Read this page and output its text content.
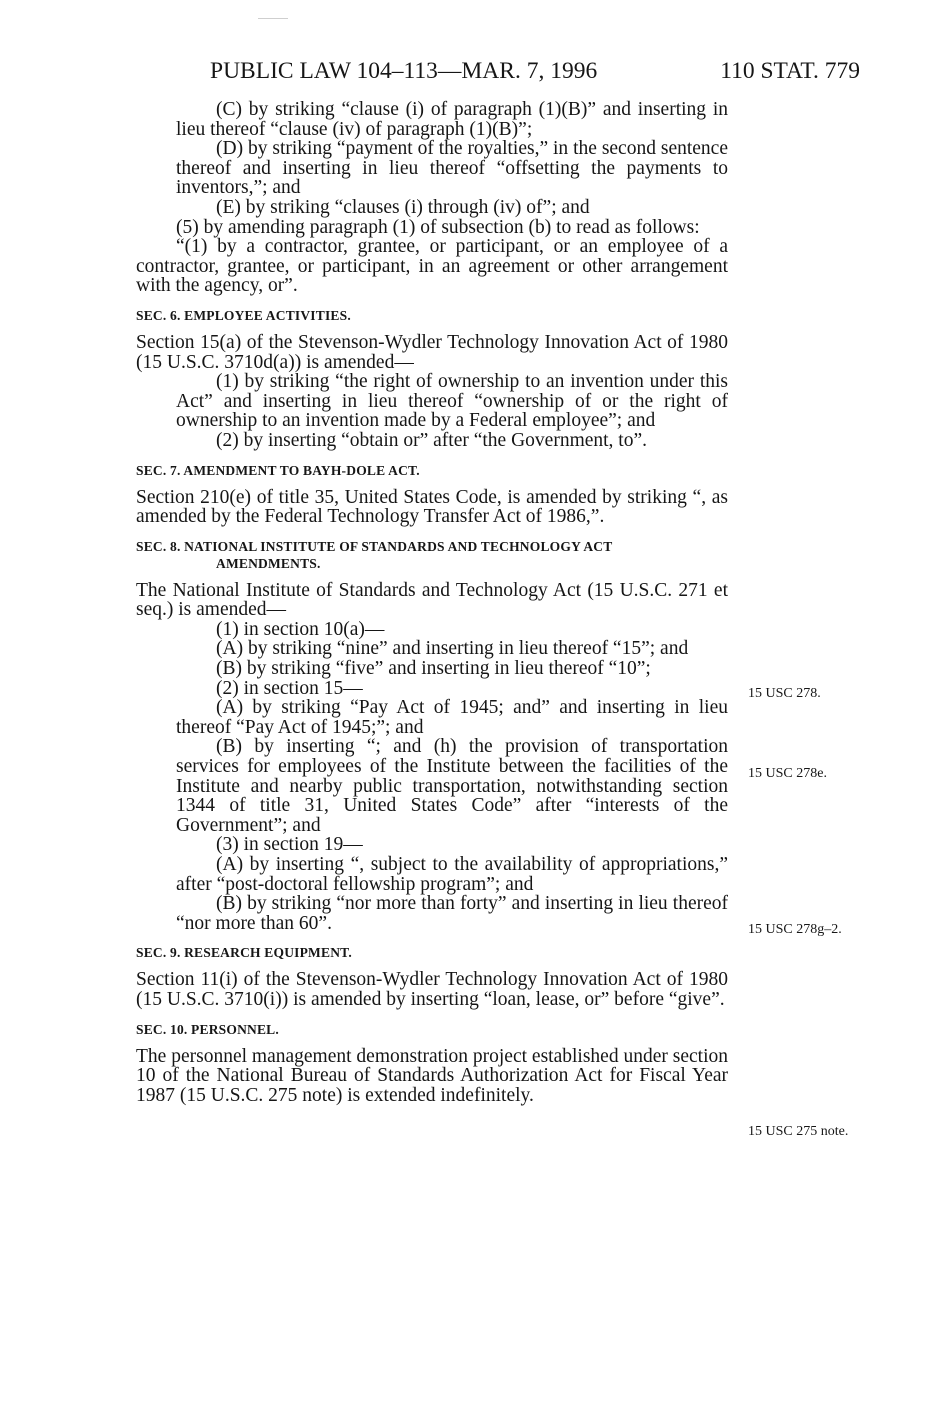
PUBLIC LAW 104–113—MAR. 7, 1996	110 STAT. 779

(C) by striking “clause (i) of paragraph (1)(B)” and inserting in lieu thereof “clause (iv) of paragraph (1)(B)”;

(D) by striking “payment of the royalties,” in the second sentence thereof and inserting in lieu thereof “offsetting the payments to inventors,”; and

(E) by striking “clauses (i) through (iv) of”; and

(5) by amending paragraph (1) of subsection (b) to read as follows:

“(1) by a contractor, grantee, or participant, or an employee of a contractor, grantee, or participant, in an agreement or other arrangement with the agency, or”.

SEC. 6. EMPLOYEE ACTIVITIES.

Section 15(a) of the Stevenson-Wydler Technology Innovation Act of 1980 (15 U.S.C. 3710d(a)) is amended—

(1) by striking “the right of ownership to an invention under this Act” and inserting in lieu thereof “ownership of or the right of ownership to an invention made by a Federal employee”; and

(2) by inserting “obtain or” after “the Government, to”.

SEC. 7. AMENDMENT TO BAYH-DOLE ACT.

Section 210(e) of title 35, United States Code, is amended by striking “, as amended by the Federal Technology Transfer Act of 1986,”.

SEC. 8. NATIONAL INSTITUTE OF STANDARDS AND TECHNOLOGY ACT
AMENDMENTS.

The National Institute of Standards and Technology Act (15 U.S.C. 271 et seq.) is amended—

(1) in section 10(a)—

(A) by striking “nine” and inserting in lieu thereof “15”; and

(B) by striking “five” and inserting in lieu thereof “10”;

(2) in section 15—

(A) by striking “Pay Act of 1945; and” and inserting in lieu thereof “Pay Act of 1945;”; and

(B) by inserting “; and (h) the provision of transportation services for employees of the Institute between the facilities of the Institute and nearby public transportation, notwithstanding section 1344 of title 31, United States Code” after “interests of the Government”; and

(3) in section 19—

(A) by inserting “, subject to the availability of appropriations,” after “post-doctoral fellowship program”; and

(B) by striking “nor more than forty” and inserting in lieu thereof “nor more than 60”.

SEC. 9. RESEARCH EQUIPMENT.

Section 11(i) of the Stevenson-Wydler Technology Innovation Act of 1980 (15 U.S.C. 3710(i)) is amended by inserting “loan, lease, or” before “give”.

SEC. 10. PERSONNEL.

The personnel management demonstration project established under section 10 of the National Bureau of Standards Authorization Act for Fiscal Year 1987 (15 U.S.C. 275 note) is extended indefinitely.

15 USC 278.
15 USC 278e.
15 USC 278g–2.
15 USC 275 note.
